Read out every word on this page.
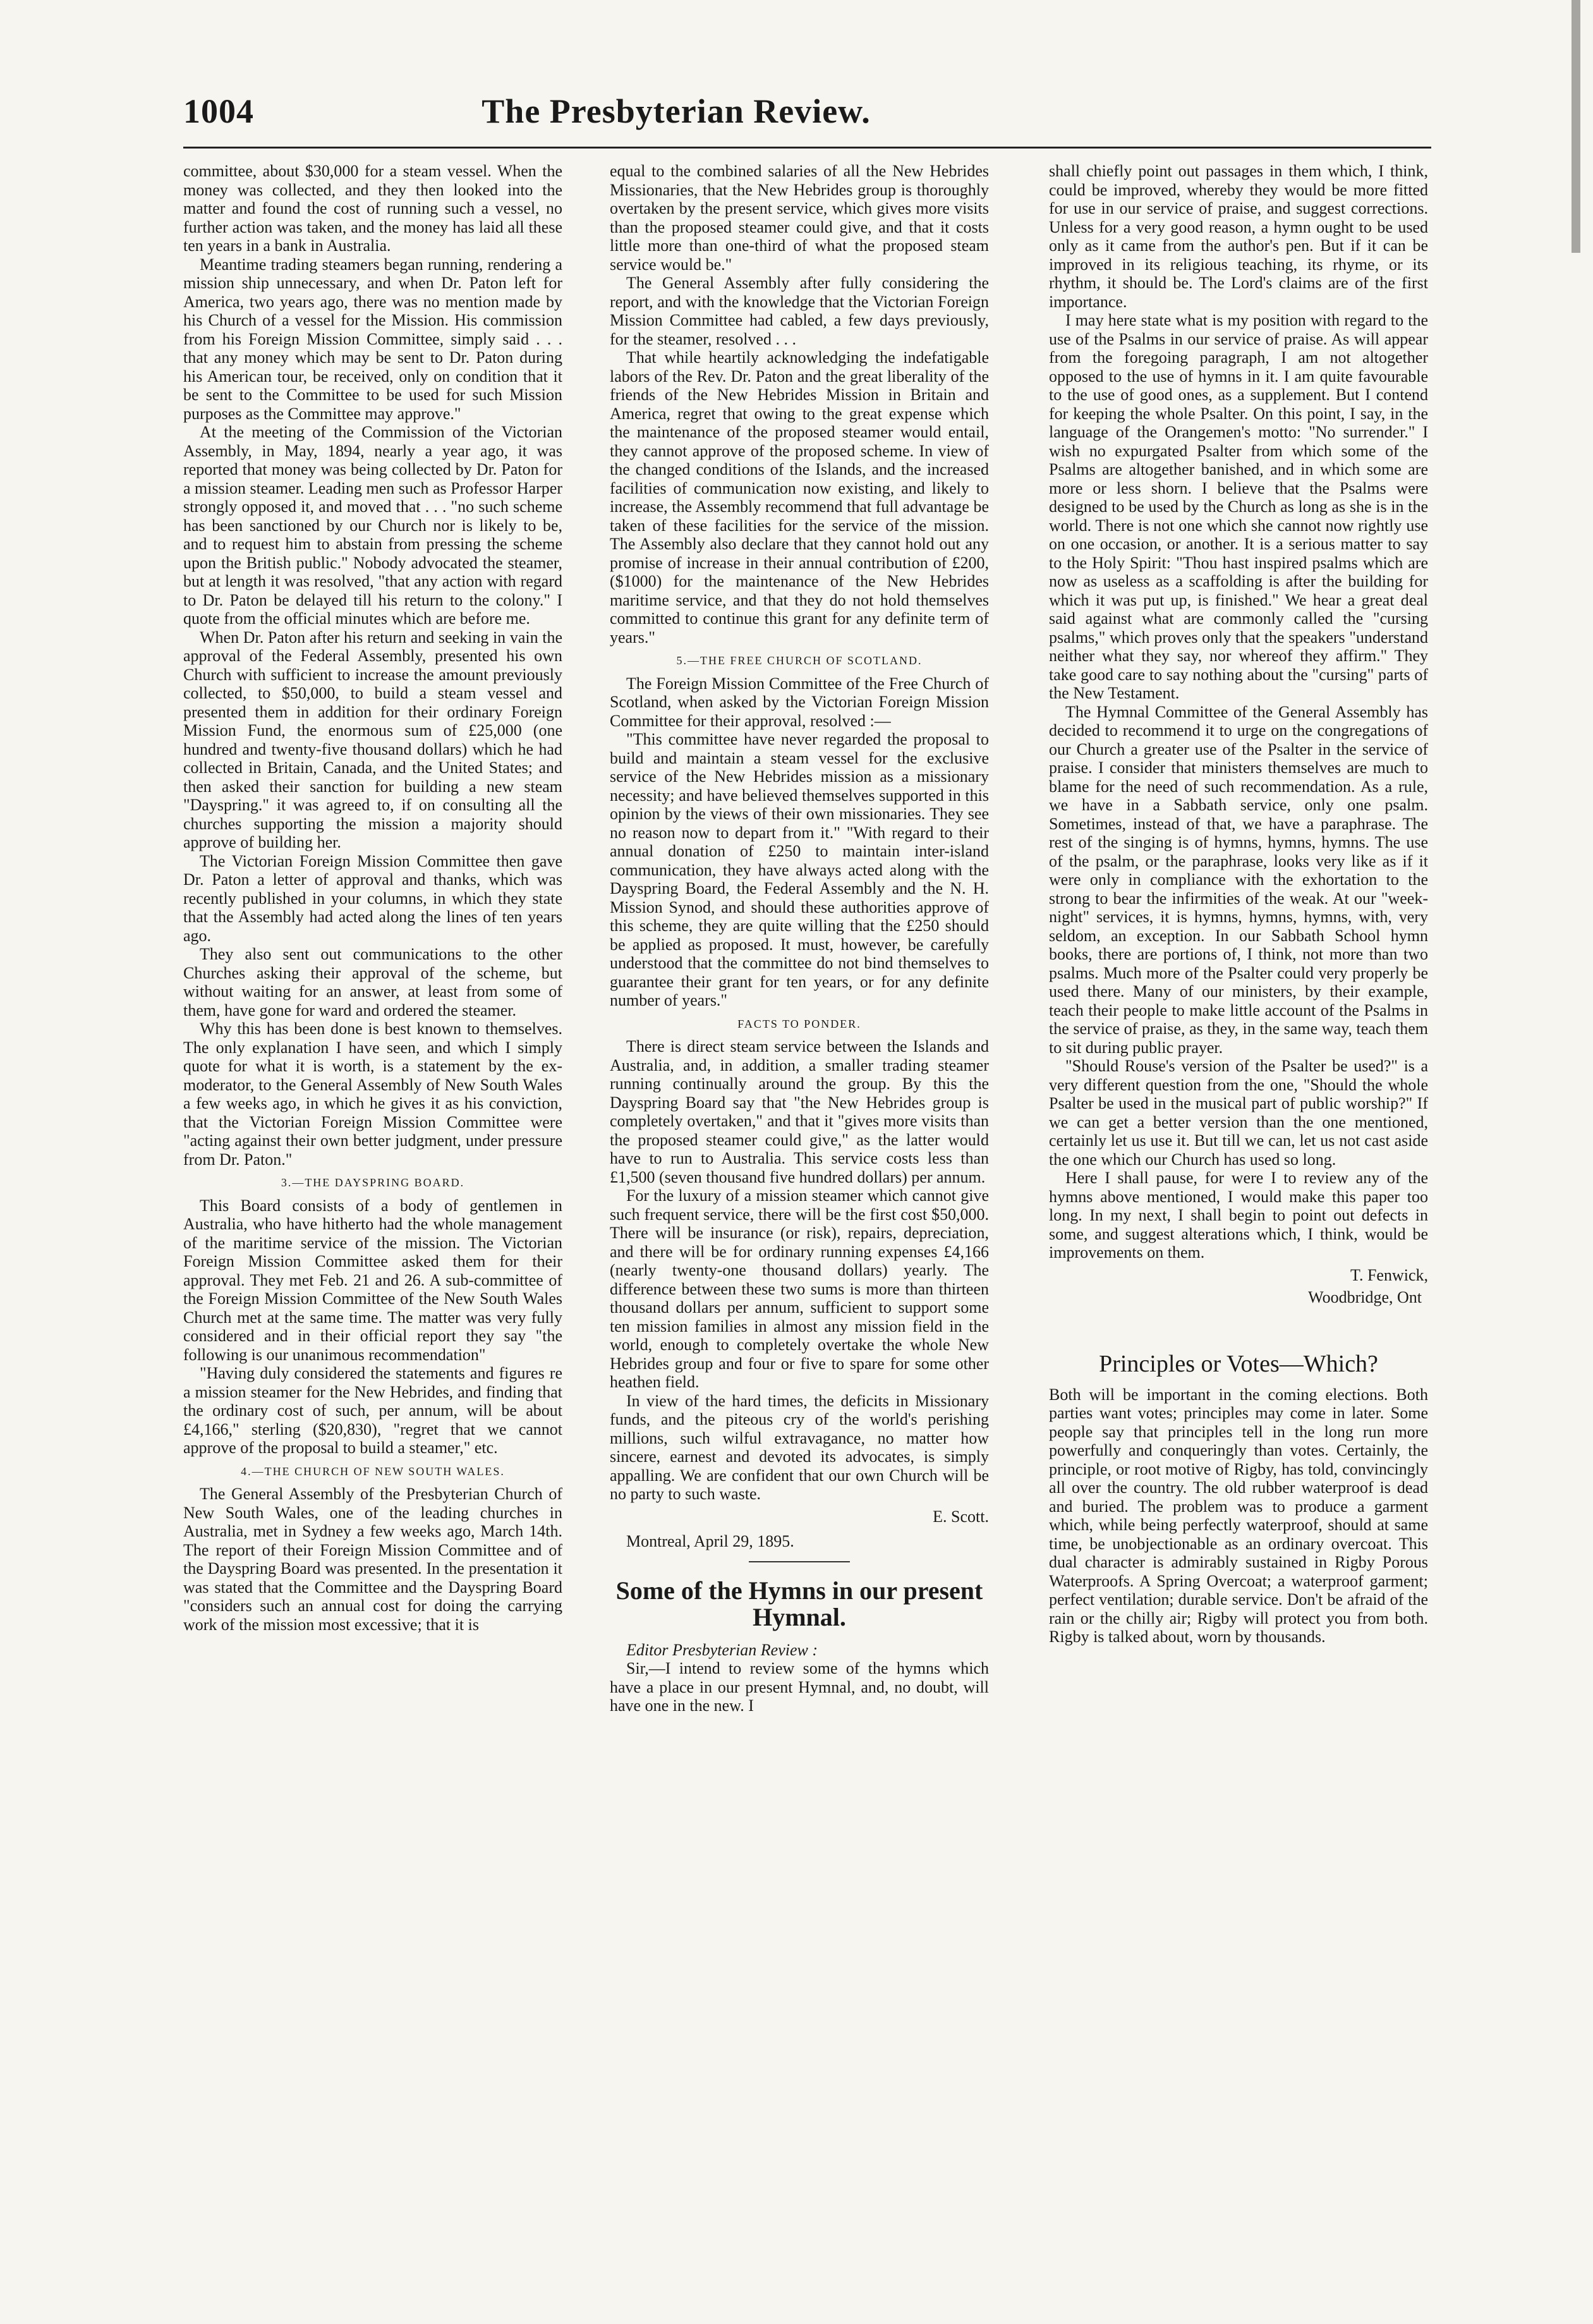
1004	The Presbyterian Review.

committee, about $30,000 for a steam vessel. When the money was collected, and they then looked into the matter and found the cost of running such a vessel, no further action was taken, and the money has laid all these ten years in a bank in Australia.

Meantime trading steamers began running, rendering a mission ship unnecessary, and when Dr. Paton left for America, two years ago, there was no mention made by his Church of a vessel for the Mission. His commission from his Foreign Mission Committee, simply said . . . that any money which may be sent to Dr. Paton during his American tour, be received, only on condition that it be sent to the Committee to be used for such Mission purposes as the Committee may approve."

At the meeting of the Commission of the Victorian Assembly, in May, 1894, nearly a year ago, it was reported that money was being collected by Dr. Paton for a mission steamer. Leading men such as Professor Harper strongly opposed it, and moved that . . . "no such scheme has been sanctioned by our Church nor is likely to be, and to request him to abstain from pressing the scheme upon the British public." Nobody advocated the steamer, but at length it was resolved, "that any action with regard to Dr. Paton be delayed till his return to the colony." I quote from the official minutes which are before me.

When Dr. Paton after his return and seeking in vain the approval of the Federal Assembly, presented his own Church with sufficient to increase the amount previously collected, to $50,000, to build a steam vessel and presented them in addition for their ordinary Foreign Mission Fund, the enormous sum of £25,000 (one hundred and twenty-five thousand dollars) which he had collected in Britain, Canada, and the United States; and then asked their sanction for building a new steam "Dayspring." it was agreed to, if on consulting all the churches supporting the mission a majority should approve of building her.

The Victorian Foreign Mission Committee then gave Dr. Paton a letter of approval and thanks, which was recently published in your columns, in which they state that the Assembly had acted along the lines of ten years ago.

They also sent out communications to the other Churches asking their approval of the scheme, but without waiting for an answer, at least from some of them, have gone for ward and ordered the steamer.

Why this has been done is best known to themselves. The only explanation I have seen, and which I simply quote for what it is worth, is a statement by the ex-moderator, to the General Assembly of New South Wales a few weeks ago, in which he gives it as his conviction, that the Victorian Foreign Mission Committee were "acting against their own better judgment, under pressure from Dr. Paton."

3.—THE DAYSPRING BOARD.

This Board consists of a body of gentlemen in Australia, who have hitherto had the whole management of the maritime service of the mission. The Victorian Foreign Mission Committee asked them for their approval. They met Feb. 21 and 26. A sub-committee of the Foreign Mission Committee of the New South Wales Church met at the same time. The matter was very fully considered and in their official report they say "the following is our unanimous recommendation"

"Having duly considered the statements and figures re a mission steamer for the New Hebrides, and finding that the ordinary cost of such, per annum, will be about £4,166," sterling ($20,830), "regret that we cannot approve of the proposal to build a steamer," etc.

4.—THE CHURCH OF NEW SOUTH WALES.

The General Assembly of the Presbyterian Church of New South Wales, one of the leading churches in Australia, met in Sydney a few weeks ago, March 14th. The report of their Foreign Mission Committee and of the Dayspring Board was presented. In the presentation it was stated that the Committee and the Dayspring Board "considers such an annual cost for doing the carrying work of the mission most excessive; that it is

equal to the combined salaries of all the New Hebrides Missionaries, that the New Hebrides group is thoroughly overtaken by the present service, which gives more visits than the proposed steamer could give, and that it costs little more than one-third of what the proposed steam service would be."

The General Assembly after fully considering the report, and with the knowledge that the Victorian Foreign Mission Committee had cabled, a few days previously, for the steamer, resolved . . .

That while heartily acknowledging the indefatigable labors of the Rev. Dr. Paton and the great liberality of the friends of the New Hebrides Mission in Britain and America, regret that owing to the great expense which the maintenance of the proposed steamer would entail, they cannot approve of the proposed scheme. In view of the changed conditions of the Islands, and the increased facilities of communication now existing, and likely to increase, the Assembly recommend that full advantage be taken of these facilities for the service of the mission. The Assembly also declare that they cannot hold out any promise of increase in their annual contribution of £200, ($1000) for the maintenance of the New Hebrides maritime service, and that they do not hold themselves committed to continue this grant for any definite term of years."

5.—THE FREE CHURCH OF SCOTLAND.

The Foreign Mission Committee of the Free Church of Scotland, when asked by the Victorian Foreign Mission Committee for their approval, resolved :—

"This committee have never regarded the proposal to build and maintain a steam vessel for the exclusive service of the New Hebrides mission as a missionary necessity; and have believed themselves supported in this opinion by the views of their own missionaries. They see no reason now to depart from it." "With regard to their annual donation of £250 to maintain inter-island communication, they have always acted along with the Dayspring Board, the Federal Assembly and the N. H. Mission Synod, and should these authorities approve of this scheme, they are quite willing that the £250 should be applied as proposed. It must, however, be carefully understood that the committee do not bind themselves to guarantee their grant for ten years, or for any definite number of years."

FACTS TO PONDER.

There is direct steam service between the Islands and Australia, and, in addition, a smaller trading steamer running continually around the group. By this the Dayspring Board say that "the New Hebrides group is completely overtaken," and that it "gives more visits than the proposed steamer could give," as the latter would have to run to Australia. This service costs less than £1,500 (seven thousand five hundred dollars) per annum.

For the luxury of a mission steamer which cannot give such frequent service, there will be the first cost $50,000. There will be insurance (or risk), repairs, depreciation, and there will be for ordinary running expenses £4,166 (nearly twenty-one thousand dollars) yearly. The difference between these two sums is more than thirteen thousand dollars per annum, sufficient to support some ten mission families in almost any mission field in the world, enough to completely overtake the whole New Hebrides group and four or five to spare for some other heathen field.

In view of the hard times, the deficits in Missionary funds, and the piteous cry of the world's perishing millions, such wilful extravagance, no matter how sincere, earnest and devoted its advocates, is simply appalling. We are confident that our own Church will be no party to such waste.

E. Scott.
Montreal, April 29, 1895.
Some of the Hymns in our present Hymnal.

Editor Presbyterian Review :

Sir,—I intend to review some of the hymns which have a place in our present Hymnal, and, no doubt, will have one in the new. I

shall chiefly point out passages in them which, I think, could be improved, whereby they would be more fitted for use in our service of praise, and suggest corrections. Unless for a very good reason, a hymn ought to be used only as it came from the author's pen. But if it can be improved in its religious teaching, its rhyme, or its rhythm, it should be. The Lord's claims are of the first importance.

I may here state what is my position with regard to the use of the Psalms in our service of praise. As will appear from the foregoing paragraph, I am not altogether opposed to the use of hymns in it. I am quite favourable to the use of good ones, as a supplement. But I contend for keeping the whole Psalter. On this point, I say, in the language of the Orangemen's motto: "No surrender." I wish no expurgated Psalter from which some of the Psalms are altogether banished, and in which some are more or less shorn. I believe that the Psalms were designed to be used by the Church as long as she is in the world. There is not one which she cannot now rightly use on one occasion, or another. It is a serious matter to say to the Holy Spirit: "Thou hast inspired psalms which are now as useless as a scaffolding is after the building for which it was put up, is finished." We hear a great deal said against what are commonly called the "cursing psalms," which proves only that the speakers "understand neither what they say, nor whereof they affirm." They take good care to say nothing about the "cursing" parts of the New Testament.

The Hymnal Committee of the General Assembly has decided to recommend it to urge on the congregations of our Church a greater use of the Psalter in the service of praise. I consider that ministers themselves are much to blame for the need of such recommendation. As a rule, we have in a Sabbath service, only one psalm. Sometimes, instead of that, we have a paraphrase. The rest of the singing is of hymns, hymns, hymns. The use of the psalm, or the paraphrase, looks very like as if it were only in compliance with the exhortation to the strong to bear the infirmities of the weak. At our "week-night" services, it is hymns, hymns, hymns, with, very seldom, an exception. In our Sabbath School hymn books, there are portions of, I think, not more than two psalms. Much more of the Psalter could very properly be used there. Many of our ministers, by their example, teach their people to make little account of the Psalms in the service of praise, as they, in the same way, teach them to sit during public prayer.

"Should Rouse's version of the Psalter be used?" is a very different question from the one, "Should the whole Psalter be used in the musical part of public worship?" If we can get a better version than the one mentioned, certainly let us use it. But till we can, let us not cast aside the one which our Church has used so long.

Here I shall pause, for were I to review any of the hymns above mentioned, I would make this paper too long. In my next, I shall begin to point out defects in some, and suggest alterations which, I think, would be improvements on them.

T. Fenwick,
Woodbridge, Ont
Principles or Votes—Which?

Both will be important in the coming elections. Both parties want votes; principles may come in later. Some people say that principles tell in the long run more powerfully and conqueringly than votes. Certainly, the principle, or root motive of Rigby, has told, convincingly all over the country. The old rubber waterproof is dead and buried. The problem was to produce a garment which, while being perfectly waterproof, should at same time, be unobjectionable as an ordinary overcoat. This dual character is admirably sustained in Rigby Porous Waterproofs. A Spring Overcoat; a waterproof garment; perfect ventilation; durable service. Don't be afraid of the rain or the chilly air; Rigby will protect you from both. Rigby is talked about, worn by thousands.
